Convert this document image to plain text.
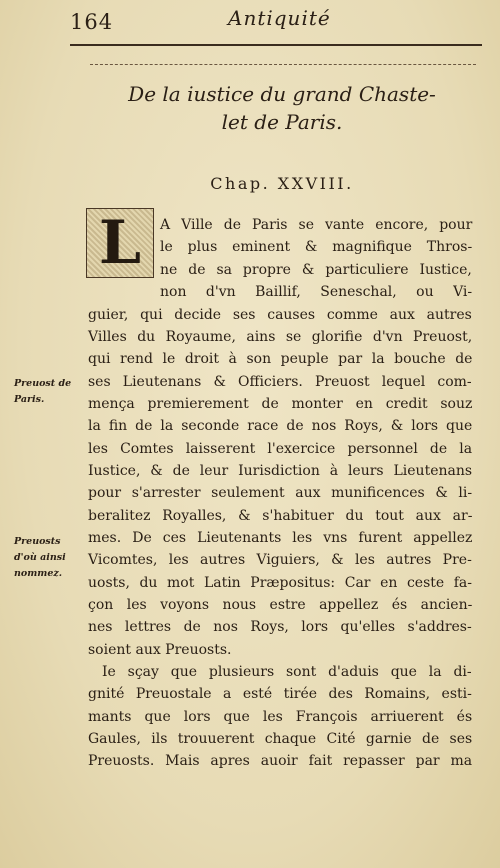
164	Antiquité
De la iustice du grand Chaste-
let de Paris.
Chap. XXVIII.
L
Preuost de
Paris.
Preuosts
d'où ainsi
nommez.
A Ville de Paris se vante encore, pour
le plus eminent & magnifique Thros-
ne de sa propre & particuliere Iustice,
non d'vn Baillif, Seneschal, ou Vi-
guier, qui decide ses causes comme aux autres
Villes du Royaume, ains se glorifie d'vn Preuost,
qui rend le droit à son peuple par la bouche de
ses Lieutenans & Officiers. Preuost lequel com-
mença premierement de monter en credit souz
la fin de la seconde race de nos Roys, & lors que
les Comtes laisserent l'exercice personnel de la
Iustice, & de leur Iurisdiction à leurs Lieutenans
pour s'arrester seulement aux munificences & li-
beralitez Royalles, & s'habituer du tout aux ar-
mes. De ces Lieutenants les vns furent appellez
Vicomtes, les autres Viguiers, & les autres Pre-
uosts, du mot Latin Præpositus: Car en ceste fa-
çon les voyons nous estre appellez és ancien-
nes lettres de nos Roys, lors qu'elles s'addres-
soient aux Preuosts.
Ie sçay que plusieurs sont d'aduis que la di-
gnité Preuostale a esté tirée des Romains, esti-
mants que lors que les François arriuerent és
Gaules, ils trouuerent chaque Cité garnie de ses
Preuosts. Mais apres auoir fait repasser par ma
